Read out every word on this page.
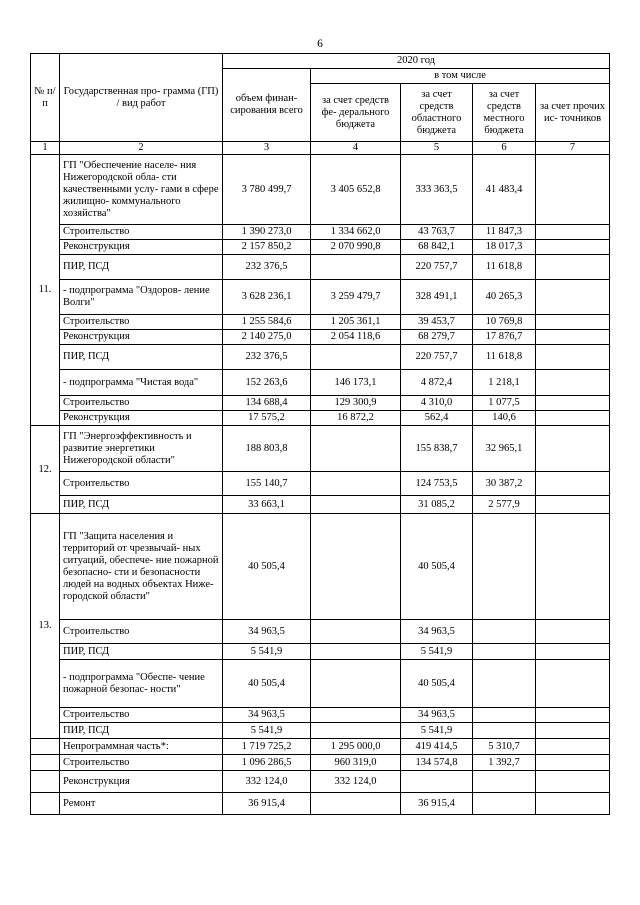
6
№ п/ п	Государственная про- грамма (ГП) / вид работ	2020 год				
		объем финан- сирования всего	в том числе			
			за счет средств фе- дерального бюджета	за счет средств областного бюджета	за счет средств местного бюджета	за счет прочих ис- точников
1	2	3	4	5	6	7
11.	ГП "Обеспечение населе- ния Нижегородской обла- сти качественными услу- гами в сфере жилищно- коммунального хозяйства"	3 780 499,7	3 405 652,8	333 363,5	41 483,4	
	Строительство	1 390 273,0	1 334 662,0	43 763,7	11 847,3	
	Реконструкция	2 157 850,2	2 070 990,8	68 842,1	18 017,3	
	ПИР, ПСД	232 376,5		220 757,7	11 618,8	
	- подпрограмма "Оздоров- ление Волги"	3 628 236,1	3 259 479,7	328 491,1	40 265,3	
	Строительство	1 255 584,6	1 205 361,1	39 453,7	10 769,8	
	Реконструкция	2 140 275,0	2 054 118,6	68 279,7	17 876,7	
	ПИР, ПСД	232 376,5		220 757,7	11 618,8	
	- подпрограмма "Чистая вода"	152 263,6	146 173,1	4 872,4	1 218,1	
	Строительство	134 688,4	129 300,9	4 310,0	1 077,5	
	Реконструкция	17 575,2	16 872,2	562,4	140,6	
12.	ГП "Энергоэффективность и развитие энергетики Нижегородской области"	188 803,8		155 838,7	32 965,1	
	Строительство	155 140,7		124 753,5	30 387,2	
	ПИР, ПСД	33 663,1		31 085,2	2 577,9	
13.	ГП "Защита населения и территорий от чрезвычай- ных ситуаций, обеспече- ние пожарной безопасно- сти и безопасности людей на водных объектах Ниже- городской области"	40 505,4		40 505,4		
	Строительство	34 963,5		34 963,5		
	ПИР, ПСД	5 541,9		5 541,9		
	- подпрограмма "Обеспе- чение пожарной безопас- ности"	40 505,4		40 505,4		
	Строительство	34 963,5		34 963,5		
	ПИР, ПСД	5 541,9		5 541,9		
	Непрограммная часть*:	1 719 725,2	1 295 000,0	419 414,5	5 310,7	
	Строительство	1 096 286,5	960 319,0	134 574,8	1 392,7	
	Реконструкция	332 124,0	332 124,0			
	Ремонт	36 915,4		36 915,4		
